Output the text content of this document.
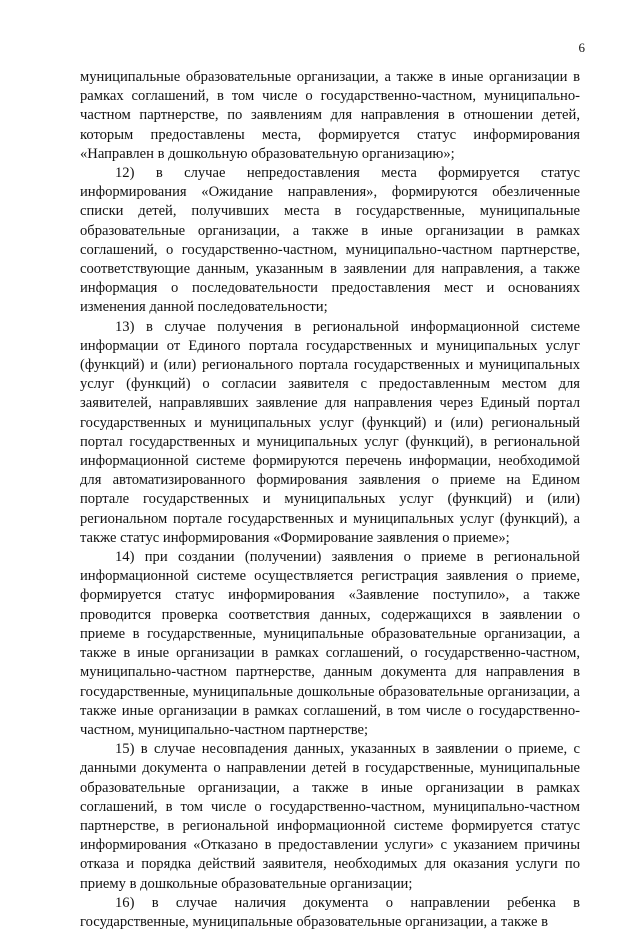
6

муниципальные образовательные организации, а также в иные организации в рамках соглашений, в том числе о государственно-частном, муниципально-частном партнерстве, по заявлениям для направления в отношении детей, которым предоставлены места, формируется статус информирования «Направлен в дошкольную образовательную организацию»;

12) в случае непредоставления места формируется статус информирования «Ожидание направления», формируются обезличенные списки детей, получивших места в государственные, муниципальные образовательные организации, а также в иные организации в рамках соглашений, о государственно-частном, муниципально-частном партнерстве, соответствующие данным, указанным в заявлении для направления, а также информация о последовательности предоставления мест и основаниях изменения данной последовательности;

13) в случае получения в региональной информационной системе информации от Единого портала государственных и муниципальных услуг (функций) и (или) регионального портала государственных и муниципальных услуг (функций) о согласии заявителя с предоставленным местом для заявителей, направлявших заявление для направления через Единый портал государственных и муниципальных услуг (функций) и (или) региональный портал государственных и муниципальных услуг (функций), в региональной информационной системе формируются перечень информации, необходимой для автоматизированного формирования заявления о приеме на Едином портале государственных и муниципальных услуг (функций) и (или) региональном портале государственных и муниципальных услуг (функций), а также статус информирования «Формирование заявления о приеме»;

14) при создании (получении) заявления о приеме в региональной информационной системе осуществляется регистрация заявления о приеме, формируется статус информирования «Заявление поступило», а также проводится проверка соответствия данных, содержащихся в заявлении о приеме в государственные, муниципальные образовательные организации, а также в иные организации в рамках соглашений, о государственно-частном, муниципально-частном партнерстве, данным документа для направления в государственные, муниципальные дошкольные образовательные организации, а также иные организации в рамках соглашений, в том числе о государственно-частном, муниципально-частном партнерстве;

15) в случае несовпадения данных, указанных в заявлении о приеме, с данными документа о направлении детей в государственные, муниципальные образовательные организации, а также в иные организации в рамках соглашений, в том числе о государственно-частном, муниципально-частном партнерстве, в региональной информационной системе формируется статус информирования «Отказано в предоставлении услуги» с указанием причины отказа и порядка действий заявителя, необходимых для оказания услуги по приему в дошкольные образовательные организации;

16) в случае наличия документа о направлении ребенка в государственные, муниципальные образовательные организации, а также в
